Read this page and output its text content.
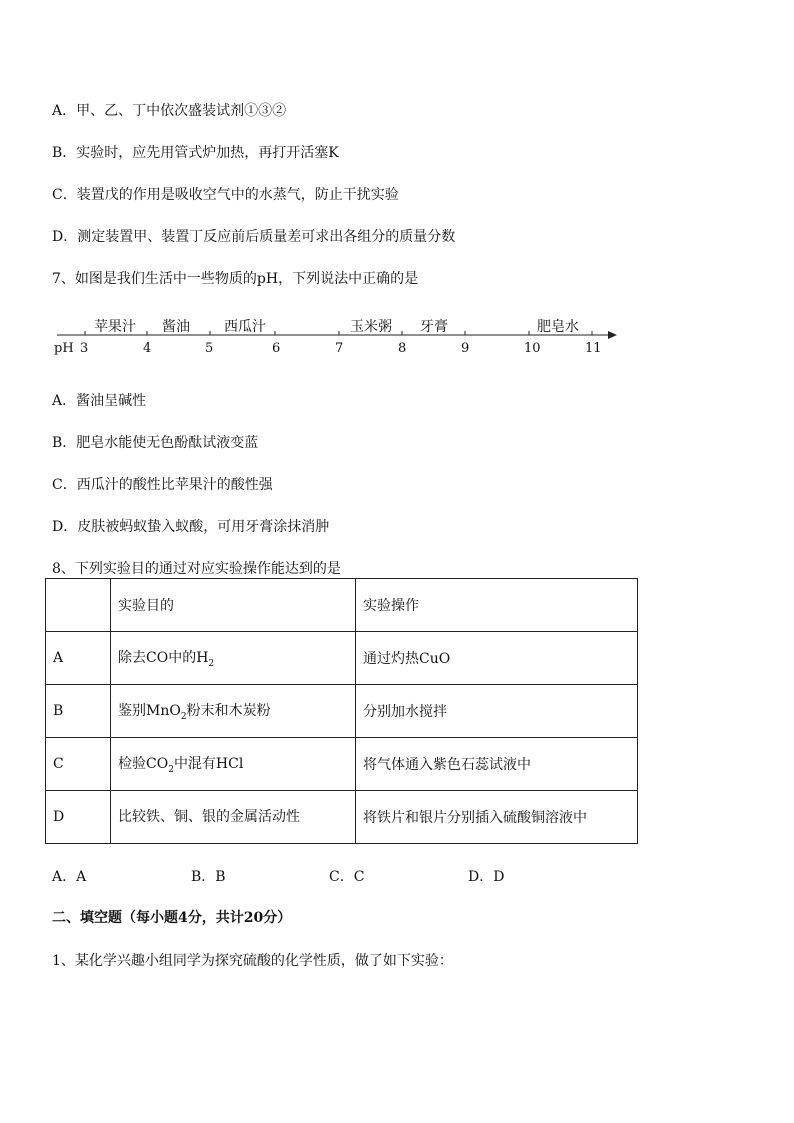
A．甲、乙、丁中依次盛装试剂①③②
B．实验时，应先用管式炉加热，再打开活塞K
C．装置戊的作用是吸收空气中的水蒸气，防止干扰实验
D．测定装置甲、装置丁反应前后质量差可求出各组分的质量分数
7、如图是我们生活中一些物质的pH，下列说法中正确的是
苹果汁 酱油 西瓜汁	玉米粥 牙膏	肥皂水
pH 3	4	5	6	7	8	9	10	11
A．酱油呈碱性
B．肥皂水能使无色酚酞试液变蓝
C．西瓜汁的酸性比苹果汁的酸性强
D．皮肤被蚂蚁蛰入蚁酸，可用牙膏涂抹消肿
8、下列实验目的通过对应实验操作能达到的是
	实验目的	实验操作
A	除去CO中的$H_2$	通过灼热CuO
B	鉴别MnO$_2$粉末和木炭粉	分别加水搅拌
C	检验$CO_2$中混有HCl	将气体通入紫色石蕊试液中
D	比较铁、铜、银的金属活动性	将铁片和银片分别插入硫酸铜溶液中
A．A	B．B	C．C	D．D
二、填空题（每小题4分，共计20分）
1、某化学兴趣小组同学为探究硫酸的化学性质，做了如下实验：
